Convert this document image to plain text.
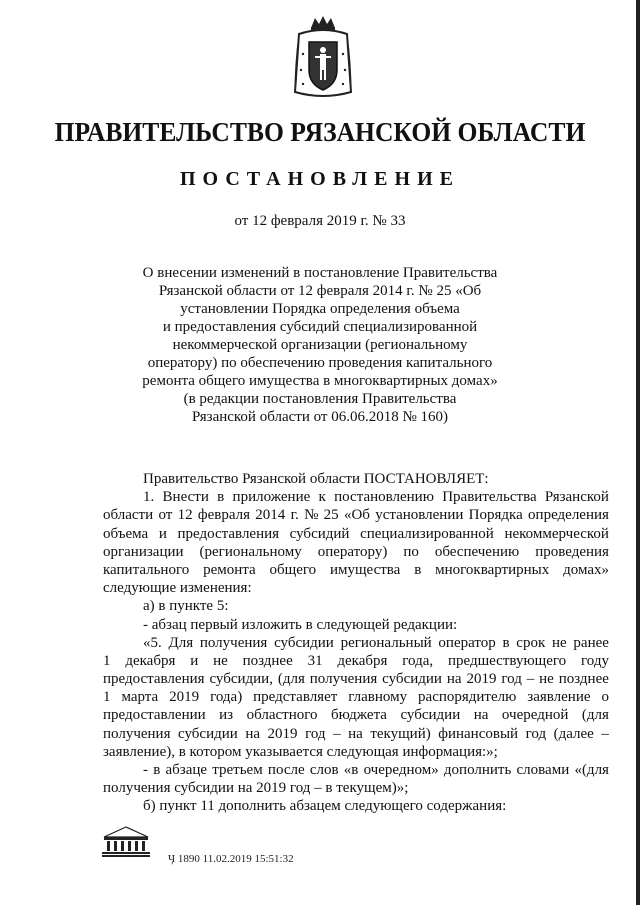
ПРАВИТЕЛЬСТВО РЯЗАНСКОЙ ОБЛАСТИ
ПОСТАНОВЛЕНИЕ
от 12 февраля 2019 г. № 33
О внесении изменений в постановление Правительства
Рязанской области от 12 февраля 2014 г. № 25 «Об
установлении Порядка определения объема
и предоставления субсидий специализированной
некоммерческой организации (региональному
оператору) по обеспечению проведения капитального
ремонта общего имущества в многоквартирных домах»
(в редакции постановления Правительства
Рязанской области от 06.06.2018 № 160)
Правительство Рязанской области ПОСТАНОВЛЯЕТ:
1. Внести в приложение к постановлению Правительства Рязанской
области от 12 февраля 2014 г. № 25 «Об установлении Порядка определения
объема и предоставления субсидий специализированной некоммерческой
организации (региональному оператору) по обеспечению проведения
капитального ремонта общего имущества в многоквартирных домах»
следующие изменения:
а) в пункте 5:
- абзац первый изложить в следующей редакции:
«5. Для получения субсидии региональный оператор в срок не ранее
1 декабря и не позднее 31 декабря года, предшествующего году
предоставления субсидии, (для получения субсидии на 2019 год – не позднее
1 марта 2019 года) представляет главному распорядителю заявление о
предоставлении из областного бюджета субсидии на очередной (для
получения субсидии на 2019 год – на текущий) финансовый год (далее –
заявление), в котором указывается следующая информация:»;
- в абзаце третьем после слов «в очередном» дополнить словами «(для
получения субсидии на 2019 год – в текущем)»;
б) пункт 11 дополнить абзацем следующего содержания:
Ӌ 1890 11.02.2019 15:51:32
